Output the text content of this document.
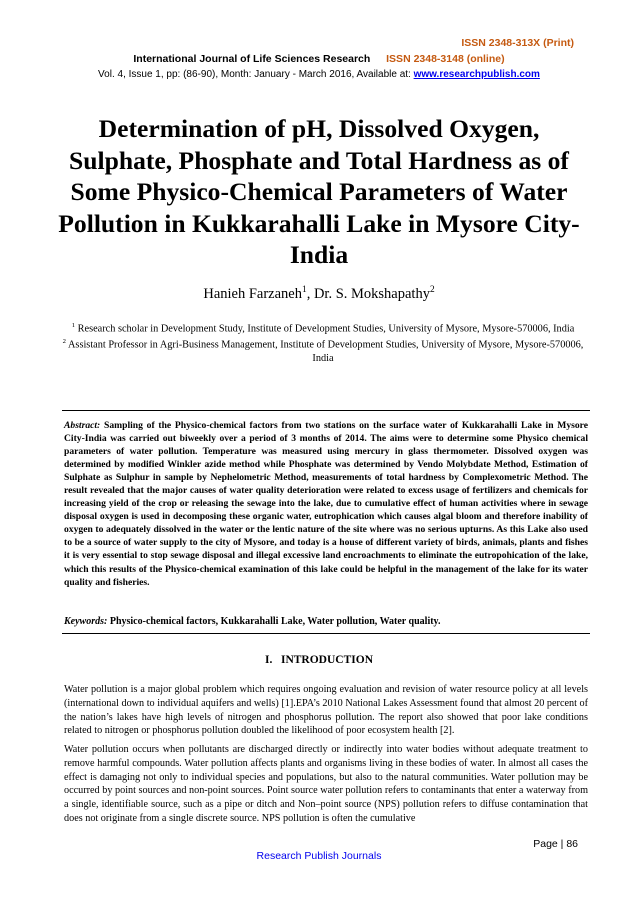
ISSN 2348-313X (Print)
International Journal of Life Sciences Research ISSN 2348-3148 (online)
Vol. 4, Issue 1, pp: (86-90), Month: January - March 2016, Available at: www.researchpublish.com
Determination of pH, Dissolved Oxygen, Sulphate, Phosphate and Total Hardness as of Some Physico-Chemical Parameters of Water Pollution in Kukkarahalli Lake in Mysore City-India
Hanieh Farzaneh$^1$, Dr. S. Mokshapathy$^2$
$^1$ Research scholar in Development Study, Institute of Development Studies, University of Mysore, Mysore-570006, India
$^2$ Assistant Professor in Agri-Business Management, Institute of Development Studies, University of Mysore, Mysore-570006, India

Abstract: Sampling of the Physico-chemical factors from two stations on the surface water of Kukkarahalli Lake in Mysore City-India was carried out biweekly over a period of 3 months of 2014. The aims were to determine some Physico chemical parameters of water pollution. Temperature was measured using mercury in glass thermometer. Dissolved oxygen was determined by modified Winkler azide method while Phosphate was determined by Vendo Molybdate Method, Estimation of Sulphate as Sulphur in sample by Nephelometric Method, measurements of total hardness by Complexometric Method. The result revealed that the major causes of water quality deterioration were related to excess usage of fertilizers and chemicals for increasing yield of the crop or releasing the sewage into the lake, due to cumulative effect of human activities where in sewage disposal oxygen is used in decomposing these organic water, eutrophication which causes algal bloom and therefore inability of oxygen to adequately dissolved in the water or the lentic nature of the site where was no serious upturns. As this Lake also used to be a source of water supply to the city of Mysore, and today is a house of different variety of birds, animals, plants and fishes it is very essential to stop sewage disposal and illegal excessive land encroachments to eliminate the eutropohication of the lake, which this results of the Physico-chemical examination of this lake could be helpful in the management of the lake for its water quality and fisheries.

Keywords: Physico-chemical factors, Kukkarahalli Lake, Water pollution, Water quality.

I. INTRODUCTION

Water pollution is a major global problem which requires ongoing evaluation and revision of water resource policy at all levels (international down to individual aquifers and wells) [1].EPA’s 2010 National Lakes Assessment found that almost 20 percent of the nation’s lakes have high levels of nitrogen and phosphorus pollution. The report also showed that poor lake conditions related to nitrogen or phosphorus pollution doubled the likelihood of poor ecosystem health [2].

Water pollution occurs when pollutants are discharged directly or indirectly into water bodies without adequate treatment to remove harmful compounds. Water pollution affects plants and organisms living in these bodies of water. In almost all cases the effect is damaging not only to individual species and populations, but also to the natural communities. Water pollution may be occurred by point sources and non-point sources. Point source water pollution refers to contaminants that enter a waterway from a single, identifiable source, such as a pipe or ditch and Non–point source (NPS) pollution refers to diffuse contamination that does not originate from a single discrete source. NPS pollution is often the cumulative

Page | 86
Research Publish Journals
